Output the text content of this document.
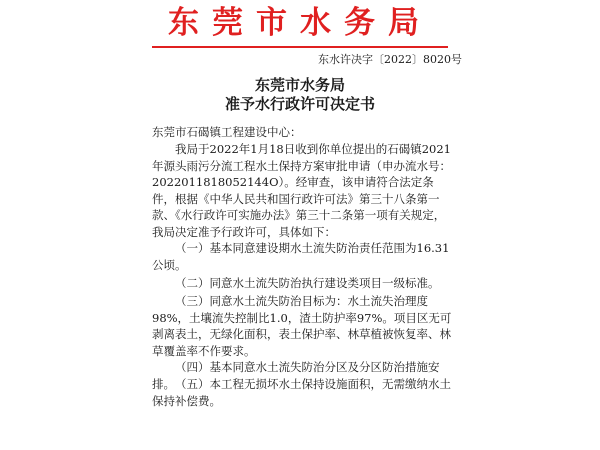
东莞市水务局
东水许决字〔2022〕8020号
东莞市水务局
准予水行政许可决定书
东莞市石碣镇工程建设中心：

我局于2022年1月18日收到你单位提出的石碣镇2021年源头雨污分流工程水土保持方案审批申请（申办流水号：2022011818052144O）。经审查，该申请符合法定条件，根据《中华人民共和国行政许可法》第三十八条第一款、《水行政许可实施办法》第三十二条第一项有关规定，我局决定准予行政许可，具体如下：

（一）基本同意建设期水土流失防治责任范围为16.31公顷。

（二）同意水土流失防治执行建设类项目一级标准。

（三）同意水土流失防治目标为：水土流失治理度98%，土壤流失控制比1.0，渣土防护率97%。项目区无可剥离表土，无绿化面积，表土保护率、林草植被恢复率、林草覆盖率不作要求。

（四）基本同意水土流失防治分区及分区防治措施安排。 （五）本工程无损坏水土保持设施面积，无需缴纳水土保持补偿费。
